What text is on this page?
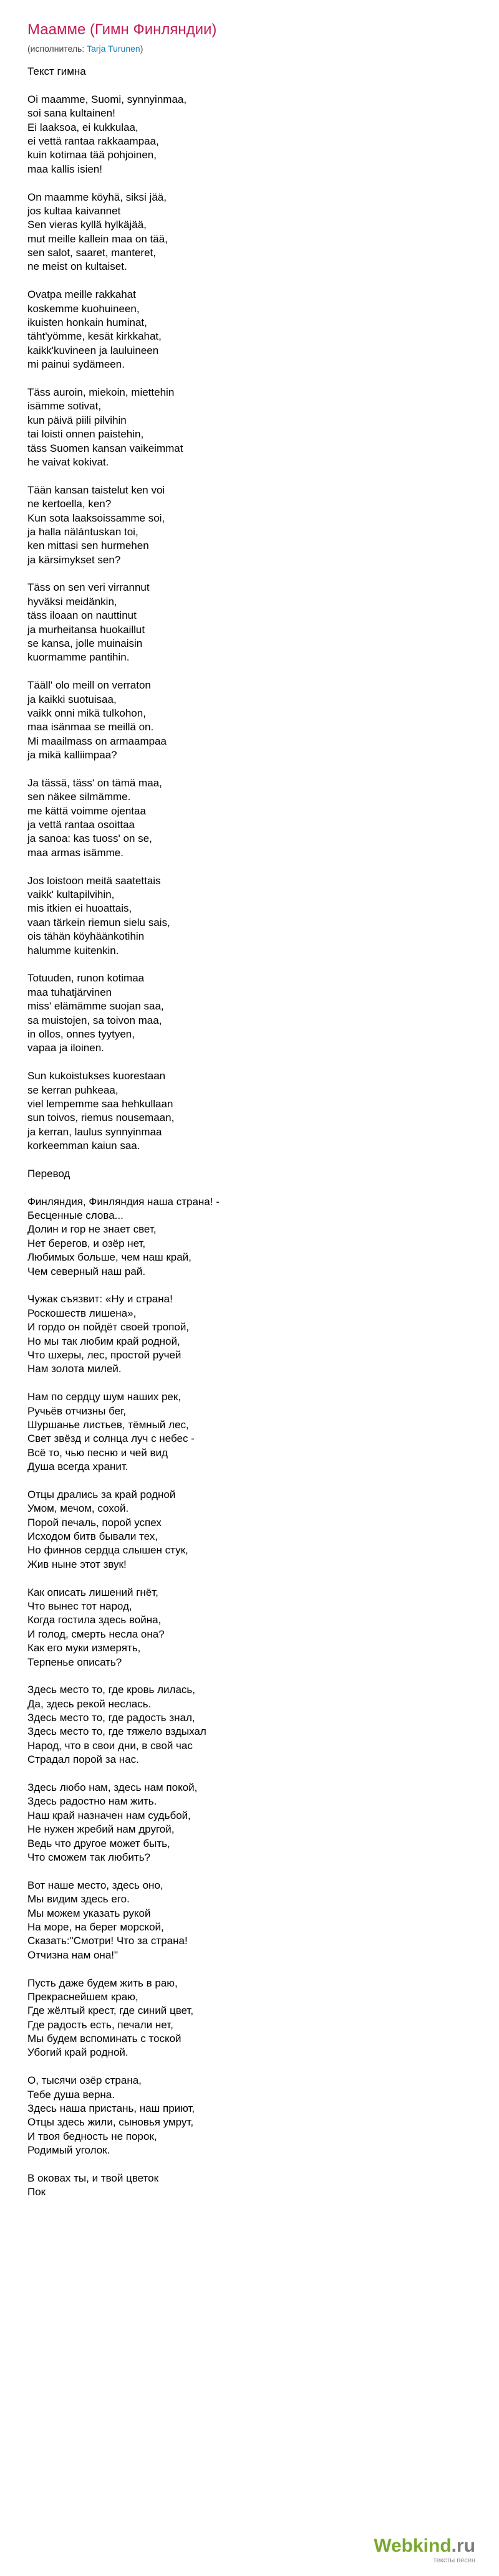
Маамме (Гимн Финляндии)
(исполнитель: Tarja Turunen)
Текст гимна
Oi maamme, Suomi, synnyinmaa,
soi sana kultainen!
Ei laaksoa, ei kukkulaa,
ei vettä rantaa rakkaampaa,
kuin kotimaa tää pohjoinen,
maa kallis isien!
On maamme köyhä, siksi jää,
jos kultaa kaivannet
Sen vieras kyllä hylkäjää,
mut meille kallein maa on tää,
sen salot, saaret, manteret,
ne meist on kultaiset.
Ovatpa meille rakkahat
koskemme kuohuineen,
ikuisten honkain huminat,
täht'yömme, kesät kirkkahat,
kaikk'kuvineen ja lauluineen
mi painui sydämeen.
Täss auroin, miekoin, miettehin
isämme sotivat,
kun päivä piili pilvihin
tai loisti onnen paistehin,
täss Suomen kansan vaikeimmat
he vaivat kokivat.
Tään kansan taistelut ken voi
ne kertoella, ken?
Kun sota laaksoissamme soi,
ja halla nälántuskan toi,
ken mittasi sen hurmehen
ja kärsimykset sen?
Täss on sen veri virrannut
hyväksi meidänkin,
täss iloaan on nauttinut
ja murheitansa huokaillut
se kansa, jolle muinaisin
kuormamme pantihin.
Tääll' olo meill on verraton
ja kaikki suotuisaa,
vaikk onni mikä tulkohon,
maa isänmaa se meillä on.
Mi maailmass on armaampaa
ja mikä kalliimpaa?
Ja tässä, täss' on tämä maa,
sen näkee silmämme.
me kättä voimme ojentaa
ja vettä rantaa osoittaa
ja sanoa: kas tuoss' on se,
maa armas isämme.
Jos loistoon meitä saatettais
vaikk' kultapilvihin,
mis itkien ei huoattais,
vaan tärkein riemun sielu sais,
ois tähän köyhäänkotihin
halumme kuitenkin.
Totuuden, runon kotimaa
maa tuhatjärvinen
miss' elämämme suojan saa,
sa muistojen, sa toivon maa,
in ollos, onnes tyytyen,
vapaa ja iloinen.
Sun kukoistukses kuorestaan
se kerran puhkeaa,
viel lempemme saa hehkullaan
sun toivos, riemus nousemaan,
ja kerran, laulus synnyinmaa
korkeemman kaiun saa.
Перевод
Финляндия, Финляндия наша страна! -
Бесценные слова...
Долин и гор не знает свет,
Нет берегов, и озёр нет,
Любимых больше, чем наш край,
Чем северный наш рай.
Чужак съязвит: «Ну и страна!
Роскошеств лишена»,
И гордо он пойдёт своей тропой,
Но мы так любим край родной,
Что шхеры, лес, простой ручей
Нам золота милей.
Нам по сердцу шум наших рек,
Ручьёв отчизны бег,
Шуршанье листьев, тёмный лес,
Свет звёзд и солнца луч с небес -
Всё то, чью песню и чей вид
Душа всегда хранит.
Отцы дрались за край родной
Умом, мечом, сохой.
Порой печаль, порой успех
Исходом битв бывали тех,
Но финнов сердца слышен стук,
Жив ныне этот звук!
Как описать лишений гнёт,
Что вынес тот народ,
Когда гостила здесь война,
И голод, смерть несла она?
Как его муки измерять,
Терпенье описать?
Здесь место то, где кровь лилась,
Да, здесь рекой неслась.
Здесь место то, где радость знал,
Здесь место то, где тяжело вздыхал
Народ, что в свои дни, в свой час
Страдал порой за нас.
Здесь любо нам, здесь нам покой,
Здесь радостно нам жить.
Наш край назначен нам судьбой,
Не нужен жребий нам другой,
Ведь что другое может быть,
Что сможем так любить?
Вот наше место, здесь оно,
Мы видим здесь его.
Мы можем указать рукой
На море, на берег морской,
Сказать:"Смотри! Что за страна!
Отчизна нам она!"
Пусть даже будем жить в раю,
Прекраснейшем краю,
Где жёлтый крест, где синий цвет,
Где радость есть, печали нет,
Мы будем вспоминать с тоской
Убогий край родной.
О, тысячи озёр страна,
Тебе душа верна.
Здесь наша пристань, наш приют,
Отцы здесь жили, сыновья умрут,
И твоя бедность не порок,
Родимый уголок.
В оковах ты, и твой цветок
Пок
Webkind.ru
тексты песен
